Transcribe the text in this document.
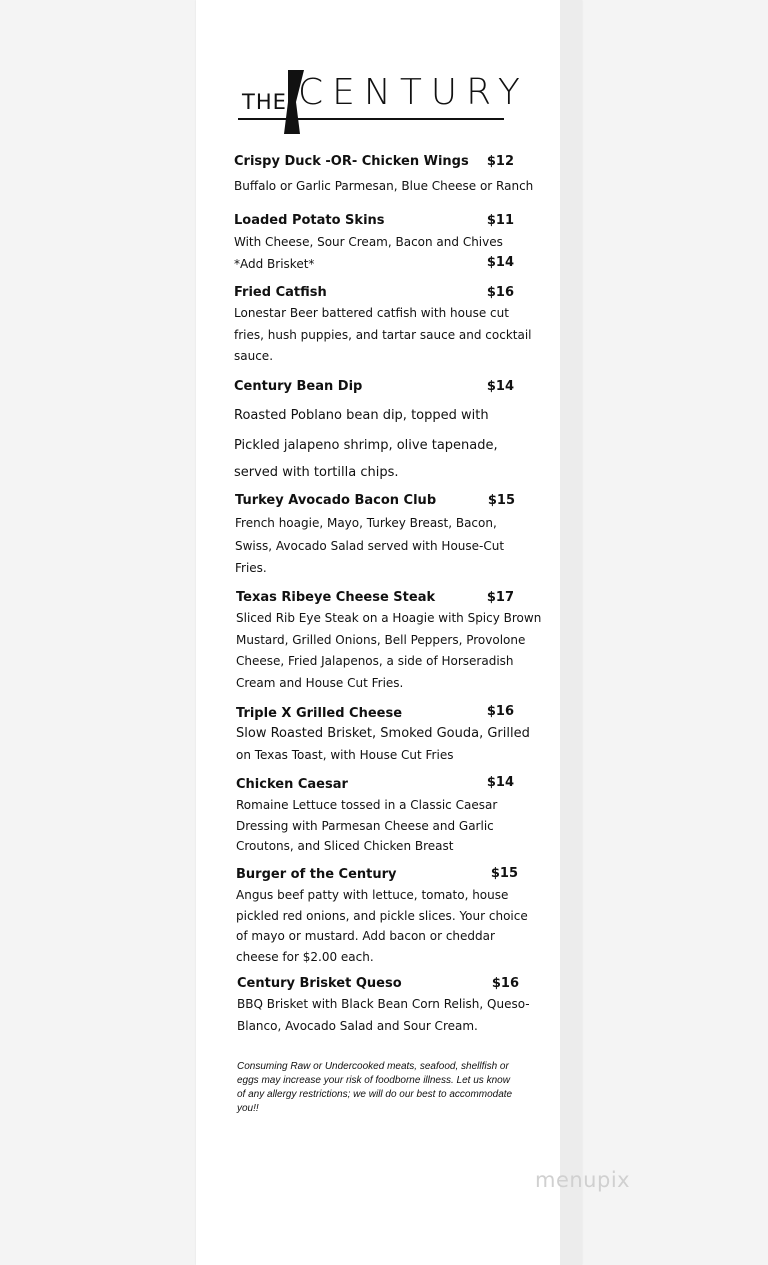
THE CENTURY
Crispy Duck -OR- Chicken Wings	$12
Buffalo or Garlic Parmesan, Blue Cheese or Ranch
Loaded Potato Skins	$11
With Cheese, Sour Cream, Bacon and Chives
*Add Brisket*	$14
Fried Catfish	$16
Lonestar Beer battered catfish with house cut
fries, hush puppies, and tartar sauce and cocktail
sauce.
Century Bean Dip	$14
Roasted Poblano bean dip, topped with
Pickled jalapeno shrimp, olive tapenade,
served with tortilla chips.
Turkey Avocado Bacon Club	$15
French hoagie, Mayo, Turkey Breast, Bacon,
Swiss, Avocado Salad served with House-Cut
Fries.
Texas Ribeye Cheese Steak	$17
Sliced Rib Eye Steak on a Hoagie with Spicy Brown
Mustard, Grilled Onions, Bell Peppers, Provolone
Cheese, Fried Jalapenos, a side of Horseradish
Cream and House Cut Fries.
Triple X Grilled Cheese	$16
Slow Roasted Brisket, Smoked Gouda, Grilled
on Texas Toast, with House Cut Fries
Chicken Caesar	$14
Romaine Lettuce tossed in a Classic Caesar
Dressing with Parmesan Cheese and Garlic
Croutons, and Sliced Chicken Breast
Burger of the Century	$15
Angus beef patty with lettuce, tomato, house
pickled red onions, and pickle slices. Your choice
of mayo or mustard. Add bacon or cheddar
cheese for $2.00 each.
Century Brisket Queso	$16
BBQ Brisket with Black Bean Corn Relish, Queso-
Blanco, Avocado Salad and Sour Cream.
Consuming Raw or Undercooked meats, seafood, shellfish or eggs may increase your risk of foodborne illness. Let us know of any allergy restrictions; we will do our best to accommodate you!!
menupix
